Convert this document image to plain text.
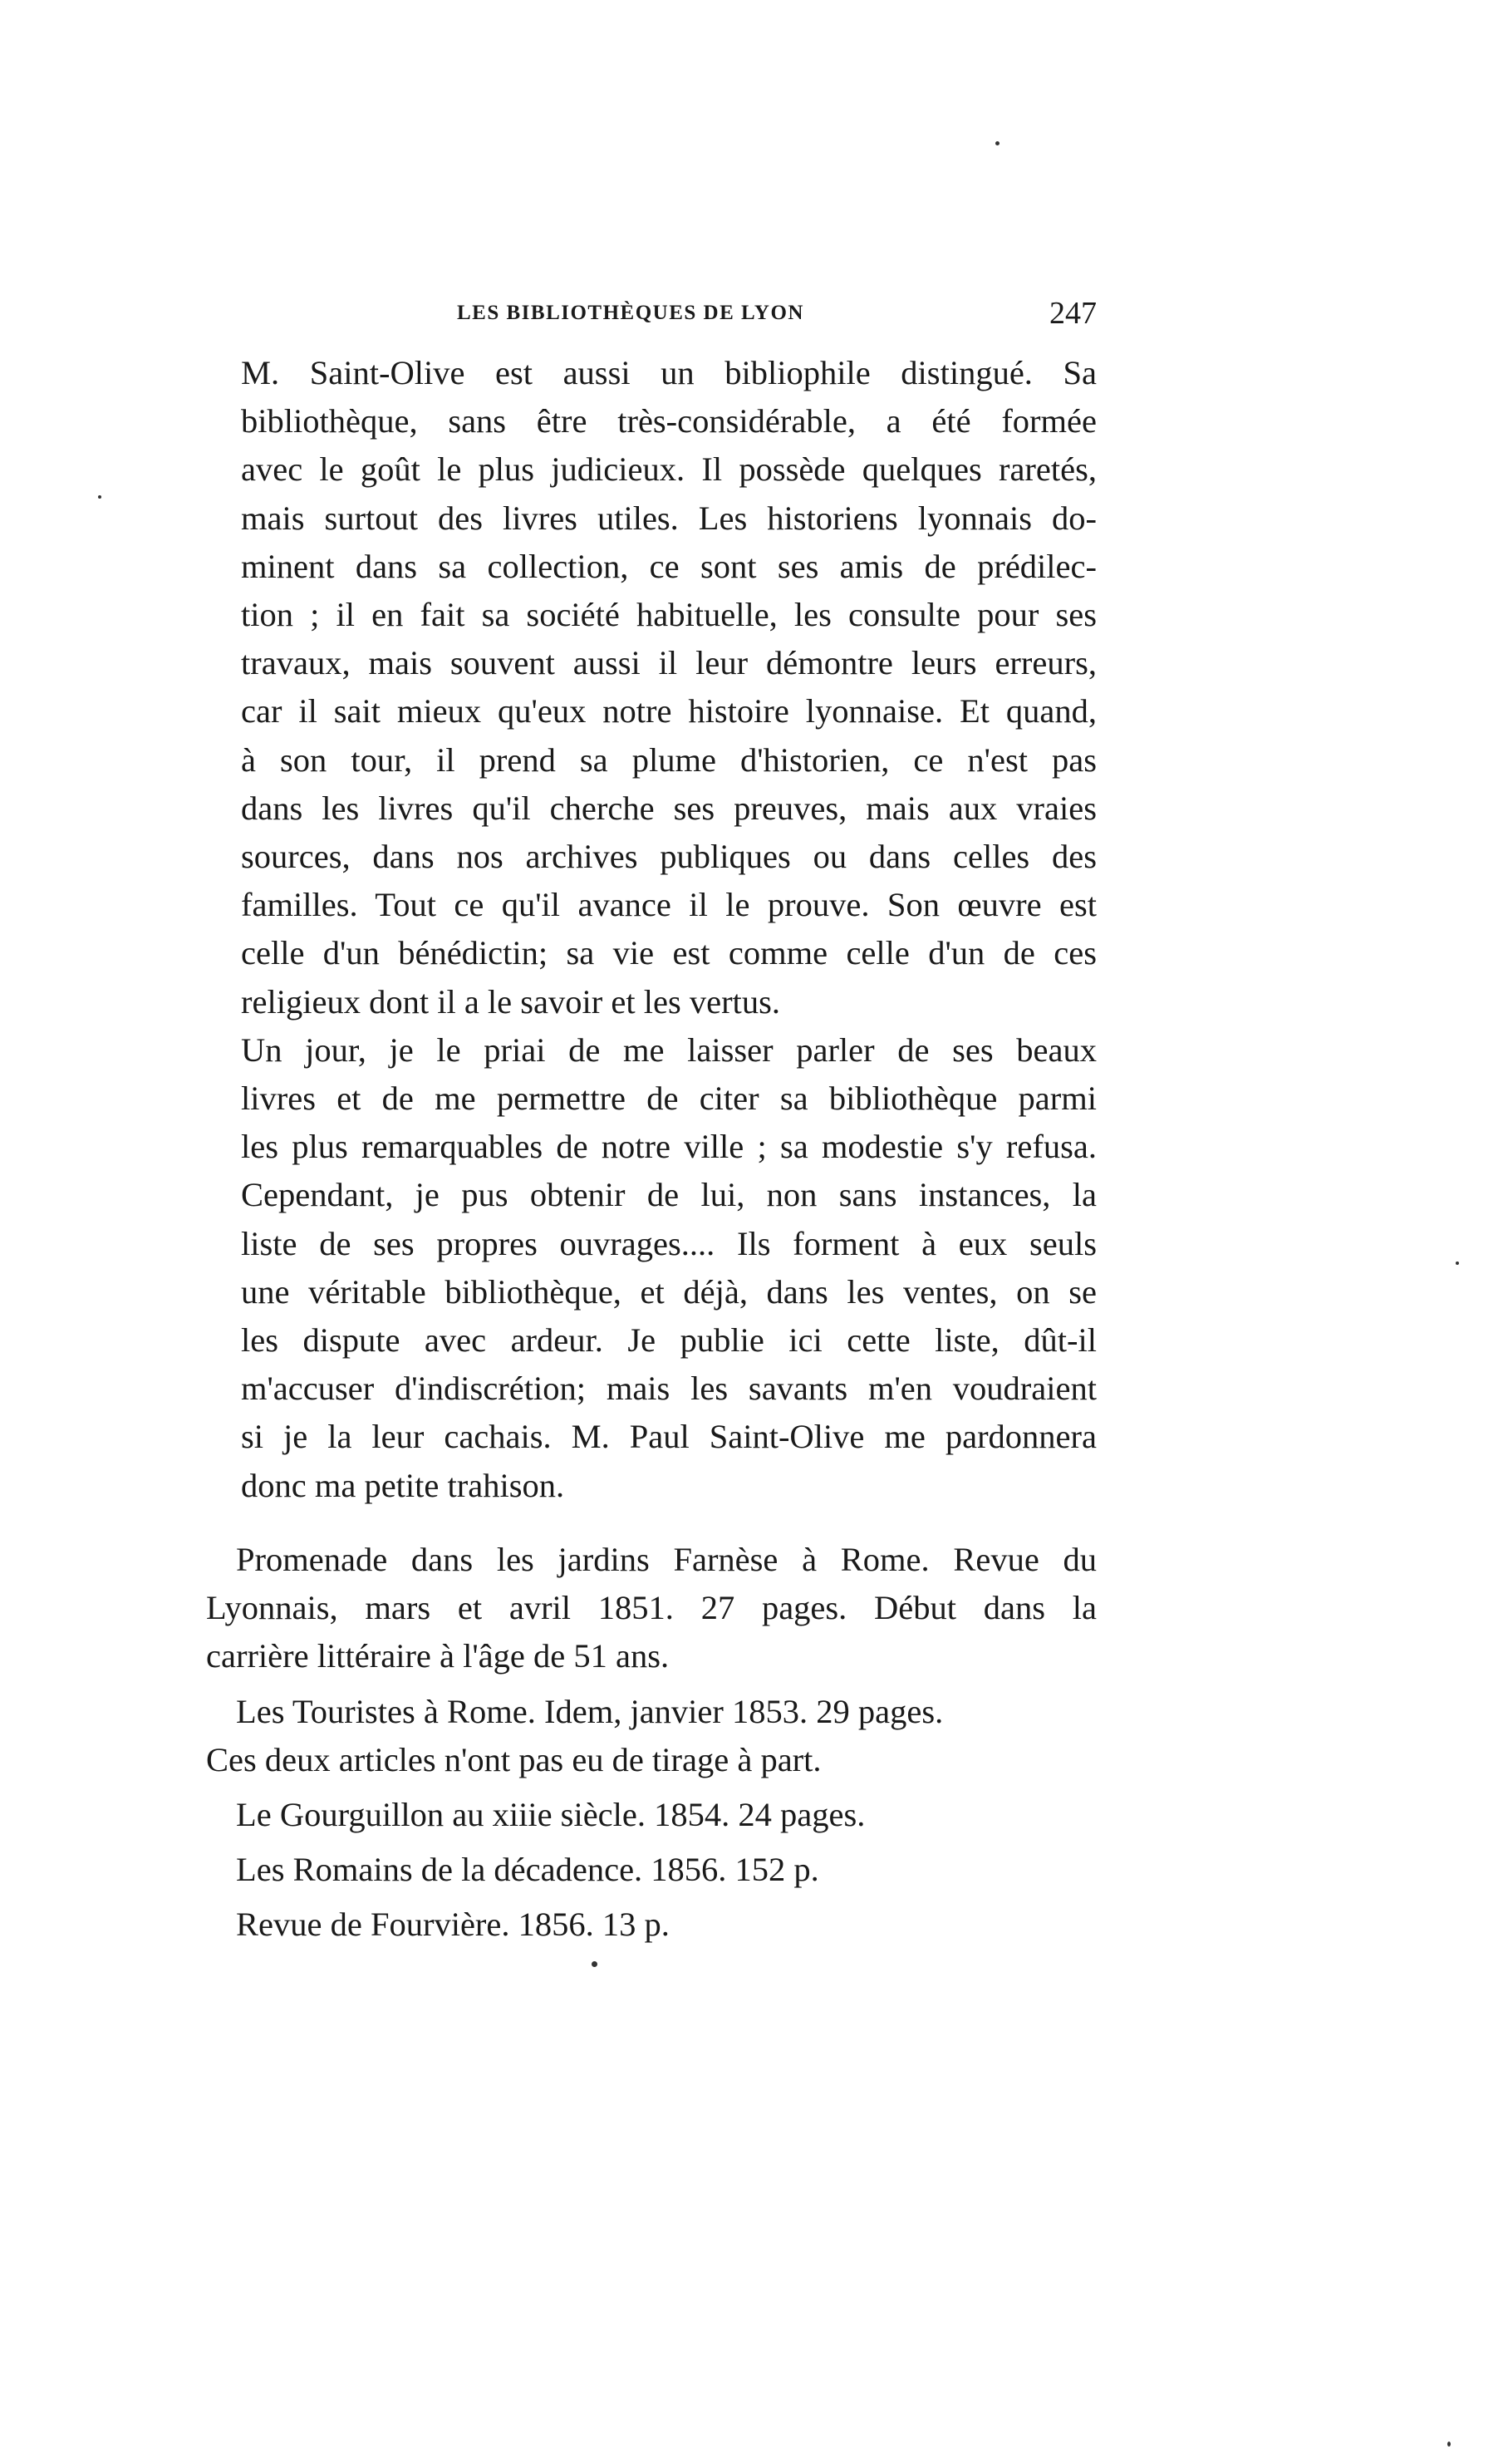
LES BIBLIOTHÈQUES DE LYON	247

M. Saint-Olive est aussi un bibliophile distingué. Sa
bibliothèque, sans être très-considérable, a été formée
avec le goût le plus judicieux. Il possède quelques raretés,
mais surtout des livres utiles. Les historiens lyonnais do-
minent dans sa collection, ce sont ses amis de prédilec-
tion ; il en fait sa société habituelle, les consulte pour ses
travaux, mais souvent aussi il leur démontre leurs erreurs,
car il sait mieux qu'eux notre histoire lyonnaise. Et quand,
à son tour, il prend sa plume d'historien, ce n'est pas
dans les livres qu'il cherche ses preuves, mais aux vraies
sources, dans nos archives publiques ou dans celles des
familles. Tout ce qu'il avance il le prouve. Son œuvre est
celle d'un bénédictin; sa vie est comme celle d'un de ces
religieux dont il a le savoir et les vertus.

Un jour, je le priai de me laisser parler de ses beaux
livres et de me permettre de citer sa bibliothèque parmi
les plus remarquables de notre ville ; sa modestie s'y refusa.
Cependant, je pus obtenir de lui, non sans instances, la
liste de ses propres ouvrages.... Ils forment à eux seuls
une véritable bibliothèque, et déjà, dans les ventes, on se
les dispute avec ardeur. Je publie ici cette liste, dût-il
m'accuser d'indiscrétion; mais les savants m'en voudraient
si je la leur cachais. M. Paul Saint-Olive me pardonnera
donc ma petite trahison.

Promenade dans les jardins Farnèse à Rome. Revue du
Lyonnais, mars et avril 1851. 27 pages. Début dans la
carrière littéraire à l'âge de 51 ans.
Les Touristes à Rome. Idem, janvier 1853. 29 pages.
Ces deux articles n'ont pas eu de tirage à part.
Le Gourguillon au xiiie siècle. 1854. 24 pages.
Les Romains de la décadence. 1856. 152 p.
Revue de Fourvière. 1856. 13 p.
